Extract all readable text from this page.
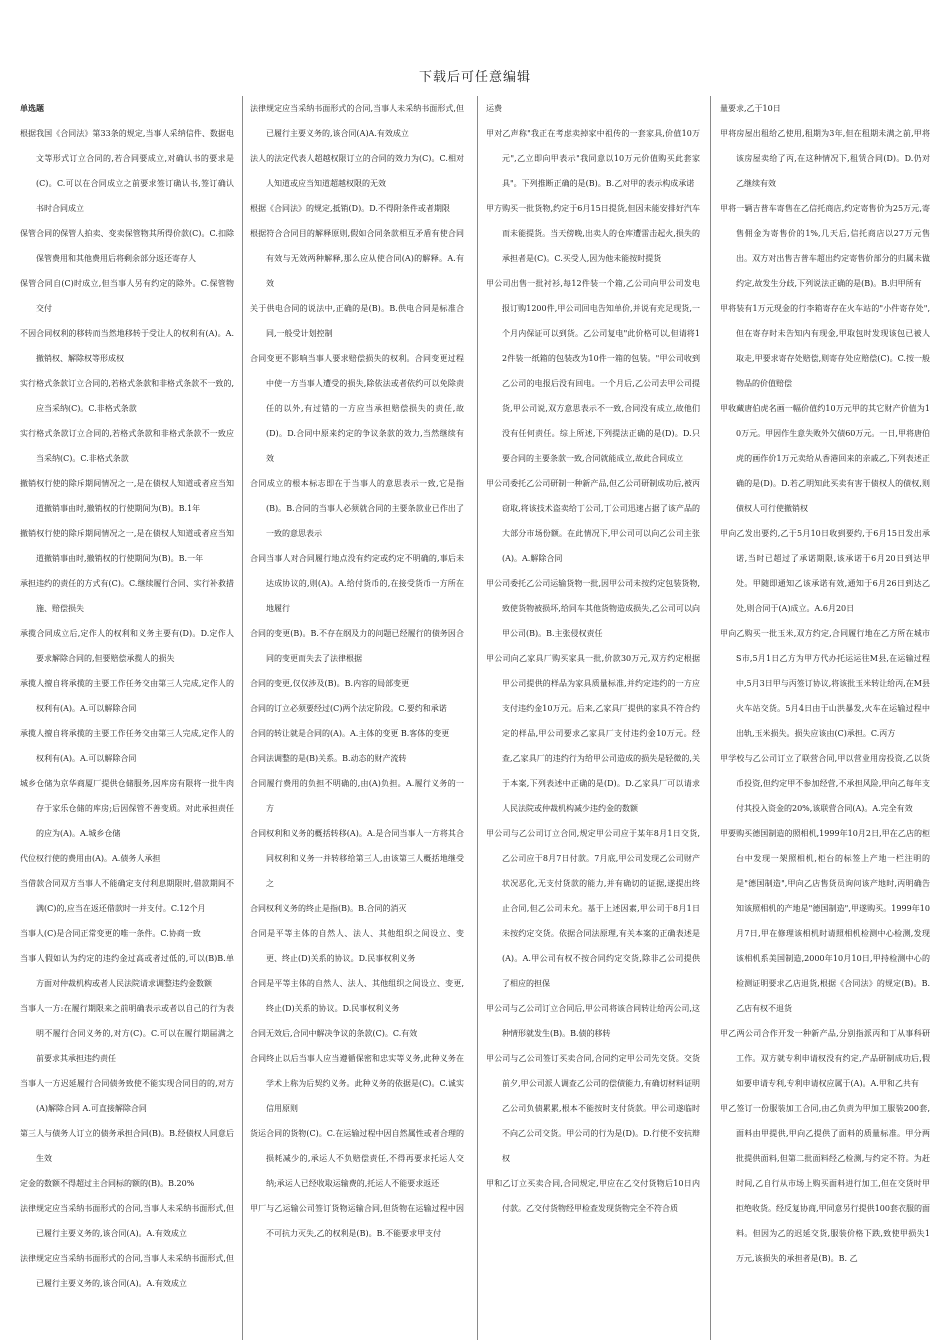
下载后可任意编辑

单选题

根据我国《合同法》第33条的规定,当事人采纳信件、数据电文等形式订立合同的,若合同要成立,对确认书的要求是(C)。C.可以在合同成立之前要求签订确认书,签订确认书时合同成立

保管合同的保管人拍卖、变卖保管物其所得价款(C)。C.扣除保管费用和其他费用后将剩余部分返还寄存人

保管合同自(C)时成立,但当事人另有约定的除外。C.保管物交付

不因合同权利的移转而当然地移转于受让人的权利有(A)。A.撤销权、解除权等形成权

实行格式条款订立合同的,若格式条款和非格式条款不一致的,应当采纳(C)。C.非格式条款

实行格式条款订立合同的,若格式条款和非格式条款不一致应当采纳(C)。C.非格式条款

撤销权行使的除斥期间情况之一,是在债权人知道或者应当知道撤销事由时,撤销权的行使期间为(B)。B.1年

撤销权行使的除斥期间情况之一,是在债权人知道或者应当知道撤销事由时,撤销权的行使期间为(B)。B.一年

承担违约的责任的方式有(C)。C.继续履行合同、实行补救措施、赔偿损失

承揽合同成立后,定作人的权利和义务主要有(D)。D.定作人要求解除合同的,但要赔偿承揽人的损失

承揽人擅自将承揽的主要工作任务交由第三人完成,定作人的权利有(A)。A.可以解除合同

承揽人擅自将承揽的主要工作任务交由第三人完成,定作人的权利有(A)。A.可以解除合同

城乡仓储为京华商厦厂提供仓储服务,因库房有限将一批牛肉存于家乐仓储的库房;后因保管不善变质。对此承担责任的应为(A)。A.城乡仓储

代位权行使的费用由(A)。A.债务人承担

当借款合同双方当事人不能确定支付利息期限时,借款期间不满(C)的,应当在返还借款时一并支付。C.12个月

当事人(C)是合同正常变更的唯一条件。C.协商一致

当事人假如认为约定的违约金过高或者过低的,可以(B)B.单方面对仲裁机构或者人民法院请求调整违约金数额

当事人一方:在履行期限来之前明确表示或者以自己的行为表明不履行合同义务的,对方(C)。C.可以在履行期届满之前要求其承担违约责任

当事人一方迟延履行合同债务致使不能实现合同目的的,对方(A)解除合同 A.可直接解除合同

第三人与债务人订立的债务承担合同(B)。B.经债权人同意后生效

定金的数额不得超过主合同标的额的(B)。B.20%

法律规定应当采纳书面形式的合同,当事人未采纳书面形式,但已履行主要义务的,该合同(A)。A.有效成立

法律规定应当采纳书面形式的合同,当事人未采纳书面形式,但已履行主要义务的,该合同(A)。A.有效成立

法律规定应当采纳书面形式的合同,当事人未采纳书面形式,但已履行主要义务的,该合同(A)A.有效成立

法人的法定代表人超越权限订立的合同的效力为(C)。C.相对人知道或应当知道超越权限的无效

根据《合同法》的规定,抵销(D)。D.不得附条件或者期限

根据符合合同目的解释原则,假如合同条款相互矛盾有使合同有效与无效两种解释,那么应从使合同(A)的解释。A.有效

关于供电合同的说法中,正确的是(B)。B.供电合同是标准合同,一般受计划控制

合同变更不影响当事人要求赔偿损失的权利。合同变更过程中使一方当事人遭受的损失,除依法或者依约可以免除责任的以外,有过错的一方应当承担赔偿损失的责任,故(D)。D.合同中原来约定的争议条款的效力,当然继续有效

合同成立的根本标志即在于当事人的意思表示一致,它是指(B)。B.合同的当事人必须就合同的主要条款业已作出了一致的意思表示

合同当事人对合同履行地点没有约定或约定不明确的,事后未达成协议的,则(A)。A.给付货币的,在接受货币一方所在地履行

合同的变更(B)。B.不存在纲及力的问题已经履行的债务因合同的变更而失去了法律根据

合同的变更,仅仅涉及(B)。B.内容的局部变更

合同的订立必须要经过(C)两个法定阶段。C.要约和承诺

合同的转让就是合同的(A)。A.主体的变更 B.客体的变更

合同法调整的是(B)关系。B.动态的财产流转

合同履行费用的负担不明确的,由(A)负担。A.履行义务的一方

合同权利和义务的概括转移(A)。A.是合同当事人一方将其合同权利和义务一并转移给第三人,由该第三人概括地继受之

合同权利义务的终止是指(B)。B.合同的消灭

合同是平等主体的自然人、法人、其他组织之间设立、变更、终止(D)关系的协议。D.民事权利义务

合同是平等主体的自然人、法人、其他组织之间设立、变更,终止(D)关系的协议。D.民事权利义务

合同无效后,合同中解决争议的条款(C)。C.有效

合同终止以后当事人应当遵循保密和忠实等义务,此种义务在学术上称为后契约义务。此种义务的依据是(C)。C.诚实信用原则

货运合同的货物(C)。C.在运输过程中因自然属性或者合理的损耗减少的,承运人不负赔偿责任,不得再要求托运人交纳;承运人已经收取运输费的,托运人不能要求返还

甲厂与乙运输公司签订货物运输合同,但货物在运输过程中因不可抗力灭失,乙的权利是(B)。B.不能要求甲支付

运费

甲对乙声称"我正在考虑卖掉家中祖传的一套家具,价值10万元",乙立即向甲表示"我同意以10万元价值购买此套家具"。下列推断正确的是(B)。B.乙对甲的表示构成承诺

甲方购买一批货物,约定于6月15日提货,但因未能安排好汽车而未能提货。当天傍晚,出卖人的仓库遭雷击起火,损失的承担者是(C)。C.买受人,因为他未能按时提货

甲公司出售一批衬衫,每12件装一个箱,乙公司向甲公司发电报订购1200件,甲公司回电告知单价,并说有充足现货,一个月内保证可以到货。乙公司复电"此价格可以,但请将12件装一纸箱的包装改为10件一箱的包装。"甲公司收到乙公司的电报后没有回电。一个月后,乙公司去甲公司提货,甲公司说,双方意思表示不一致,合同没有成立,故他们没有任何责任。综上所述,下列提法正确的是(D)。D.只要合同的主要条款一致,合同就能成立,故此合同成立

甲公司委托乙公司研制一种新产品,但乙公司研制成功后,被丙窃取,将该技术盗卖给丁公司,丁公司迅速占据了该产品的大部分市场份额。在此情况下,甲公司可以向乙公司主张(A)。A.解除合同

甲公司委托乙公司运输货物一批,因甲公司未按约定包装货物,致使货物被损坏,给同车其他货物造成损失,乙公司可以向甲公司(B)。B.主张侵权责任

甲公司向乙家具厂购买家具一批,价款30万元,双方约定根据甲公司提供的样品为家具质量标准,并约定违约的一方应支付违约金10万元。后来,乙家具厂提供的家具不符合约定的样品,甲公司要求乙家具厂支付违约金10万元。经查,乙家具厂的违约行为给甲公司造成的损失是轻微的,关于本案,下列表述中正确的是(D)。D.乙家具厂可以请求人民法院或仲裁机构减少违约金的数额

甲公司与乙公司订立合同,规定甲公司应于某年8月1日交货,乙公司应于8月7日付款。7月底,甲公司发现乙公司财产状况恶化,无支付货款的能力,并有确切的证据,遂提出终止合同,但乙公司未允。基于上述因素,甲公司于8月1日未按约定交货。依据合同法原理,有关本案的正确表述是(A)。A.甲公司有权不按合同约定交货,除非乙公司提供了相应的担保

甲公司与乙公司订立合同后,甲公司将该合同转让给丙公司,这种情形就发生(B)。B.债的移转

甲公司与乙公司签订买卖合同,合同约定甲公司先交货。交货前夕,甲公司派人调查乙公司的偿债能力,有确切材料证明乙公司负债累累,根本不能按时支付货款。甲公司遂临时不向乙公司交货。甲公司的行为是(D)。D.行使不安抗辩权

甲和乙订立买卖合同,合同规定,甲应在乙交付货物后10日内付款。乙交付货物经甲检查发现货物完全不符合质

量要求,乙于10日

甲将房屋出租给乙使用,租期为3年,但在租期未满之前,甲将该房屋卖给了丙,在这种情况下,租赁合同(D)。D.仍对乙继续有效

甲将一辆吉普车寄售在乙信托商店,约定寄售价为25万元,寄售佣金为寄售价的1%,几天后,信托商店以27万元售出。双方对出售吉普车超出约定寄售价部分的归属未做约定,故发生分歧,下列说法正确的是(B)。B.归甲所有

甲将装有1万元现金的行李箱寄存在火车站的"小件寄存处",但在寄存时未告知内有现金,甲取包时发现该包已被人取走,甲要求寄存处赔偿,则寄存处应赔偿(C)。C.按一般物品的价值赔偿

甲收藏唐伯虎名画一幅价值约10万元甲的其它财产价值为10万元。甲因作生意失败外欠债60万元。一日,甲将唐伯虎的画作价1万元卖给从香港回来的亲戚乙,下列表述正确的是(D)。D.若乙明知此买卖有害于债权人的债权,则债权人可行使撤销权

甲向乙发出要约,乙于5月10日收到要约,于6月15日发出承诺,当时已超过了承诺期限,该承诺于6月20日到达甲处。甲随即通知乙该承诺有效,通知于6月26日到达乙处,则合同于(A)成立。A.6月20日

甲向乙购买一批玉米,双方约定,合同履行地在乙方所在城市S市,5月1日乙方为甲方代办托运运往M县,在运输过程中,5月3日甲与丙签订协议,将该批玉米转让给丙,在M县火车站交货。5月4日由于山洪暴发,火车在运输过程中出轨,玉米损失。损失应该由(C)承担。C.丙方

甲学校与乙公司订立了联营合同,甲以营业用房投资,乙以货币投资,但约定甲不参加经营,不承担风险,甲向乙每年支付其投入资金的20%,该联营合同(A)。A.完全有效

甲要购买德国制造的照相机,1999年10月2日,甲在乙店的柜台中发现一架照相机,柜台的标签上产地一栏注明的是"德国制造",甲向乙店售货员询问该产地时,丙明确告知该照相机的产地是"德国制造",甲遂购买。1999年10月7日,甲在修理该相机时请照相机检测中心检测,发现该相机系美国制造,2000年10月10日,甲持检测中心的检测证明要求乙店退货,根据《合同法》的规定(B)。B.乙店有权不退货

甲乙两公司合作开发一种新产品,分别指派丙和丁从事科研工作。双方就专利申请权没有约定,产品研制成功后,假如要申请专利,专利申请权应属于(A)。A.甲和乙共有

甲乙签订一份服装加工合同,由乙负责为甲加工服装200套,面料由甲提供,甲向乙提供了面料的质量标准。甲分两批提供面料,但第二批面料经乙检测,与约定不符。为赶时间,乙自行从市场上购买面料进行加工,但在交货时甲拒绝收货。经反复协商,甲同意另行提供100套衣服的面料。但因为乙的迟延交货,服装价格下跌,致使甲损失1万元,该损失的承担者是(B)。B. 乙
